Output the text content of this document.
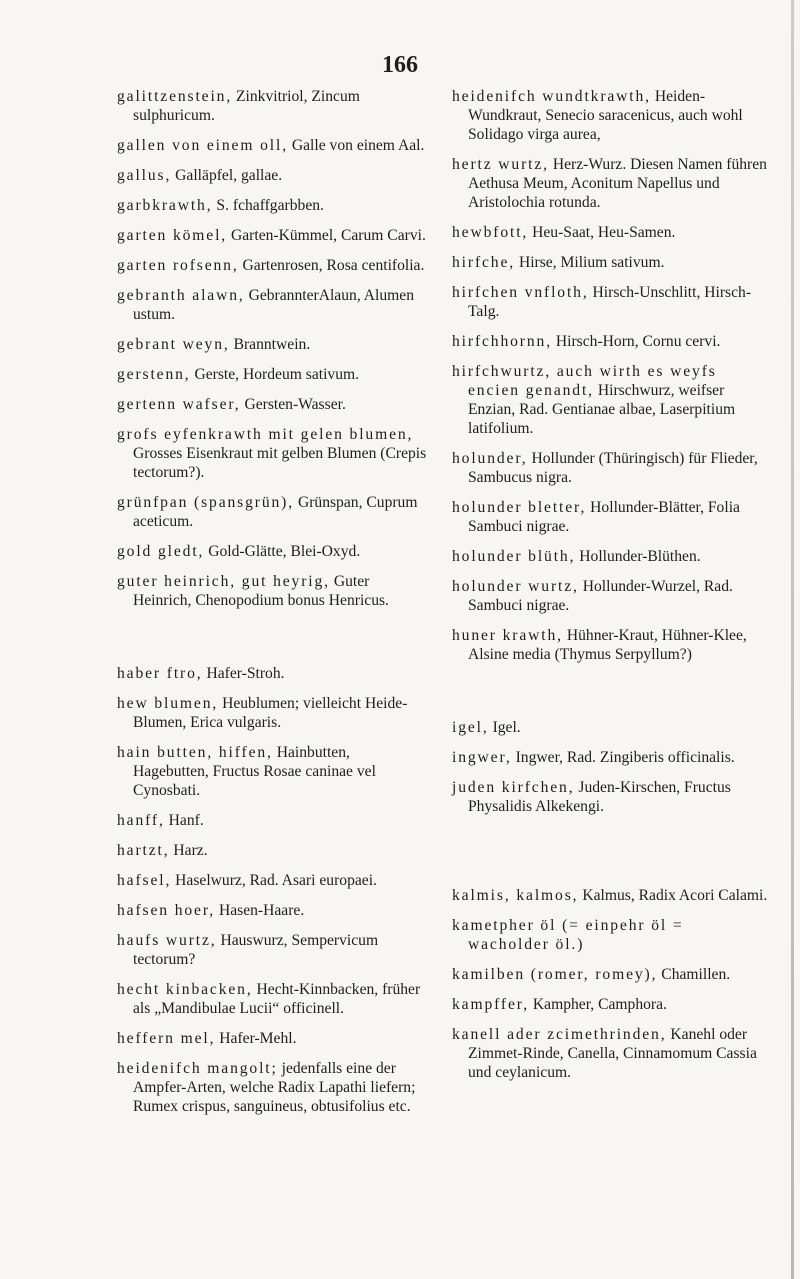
166

galittzenstein, Zinkvitriol, Zincum sulphuricum.

gallen von einem oll, Galle von einem Aal.

gallus, Galläpfel, gallae.

garbkrawth, S. fchaffgarbben.

garten kömel, Garten-Kümmel, Carum Carvi.

garten rofsenn, Gartenrosen, Rosa centifolia.

gebranth alawn, GebrannterAlaun, Alumen ustum.

gebrant weyn, Branntwein.

gerstenn, Gerste, Hordeum sativum.

gertenn wafser, Gersten-Wasser.

grofs eyfenkrawth mit gelen blumen, Grosses Eisenkraut mit gelben Blumen (Crepis tectorum?).

grünfpan (spansgrün), Grünspan, Cuprum aceticum.

gold gledt, Gold-Glätte, Blei-Oxyd.

guter heinrich, gut heyrig, Guter Heinrich, Chenopodium bonus Henricus.

haber ftro, Hafer-Stroh.

hew blumen, Heublumen; vielleicht Heide-Blumen, Erica vulgaris.

hain butten, hiffen, Hainbutten, Hagebutten, Fructus Rosae caninae vel Cynosbati.

hanff, Hanf.

hartzt, Harz.

hafsel, Haselwurz, Rad. Asari europaei.

hafsen hoer, Hasen-Haare.

haufs wurtz, Hauswurz, Sempervicum tectorum?

hecht kinbacken, Hecht-Kinnbacken, früher als „Mandibulae Lucii“ officinell.

heffern mel, Hafer-Mehl.

heidenifch mangolt; jedenfalls eine der Ampfer-Arten, welche Radix Lapathi liefern; Rumex crispus, sanguineus, obtusifolius etc.

heidenifch wundtkrawth, Heiden-Wundkraut, Senecio saracenicus, auch wohl Solidago virga aurea,

hertz wurtz, Herz-Wurz. Diesen Namen führen Aethusa Meum, Aconitum Napellus und Aristolochia rotunda.

hewbfott, Heu-Saat, Heu-Samen.

hirfche, Hirse, Milium sativum.

hirfchen vnfloth, Hirsch-Unschlitt, Hirsch-Talg.

hirfchhornn, Hirsch-Horn, Cornu cervi.

hirfchwurtz, auch wirth es weyfs encien genandt, Hirschwurz, weifser Enzian, Rad. Gentianae albae, Laserpitium latifolium.

holunder, Hollunder (Thüringisch) für Flieder, Sambucus nigra.

holunder bletter, Hollunder-Blätter, Folia Sambuci nigrae.

holunder blüth, Hollunder-Blüthen.

holunder wurtz, Hollunder-Wurzel, Rad. Sambuci nigrae.

huner krawth, Hühner-Kraut, Hühner-Klee, Alsine media (Thymus Serpyllum?)

igel, Igel.

ingwer, Ingwer, Rad. Zingiberis officinalis.

juden kirfchen, Juden-Kirschen, Fructus Physalidis Alkekengi.

kalmis, kalmos, Kalmus, Radix Acori Calami.

kametpher öl (= einpehr öl = wacholder öl.)

kamilben (romer, romey), Chamillen.

kampffer, Kampher, Camphora.

kanell ader zcimethrinden, Kanehl oder Zimmet-Rinde, Canella, Cinnamomum Cassia und ceylanicum.
